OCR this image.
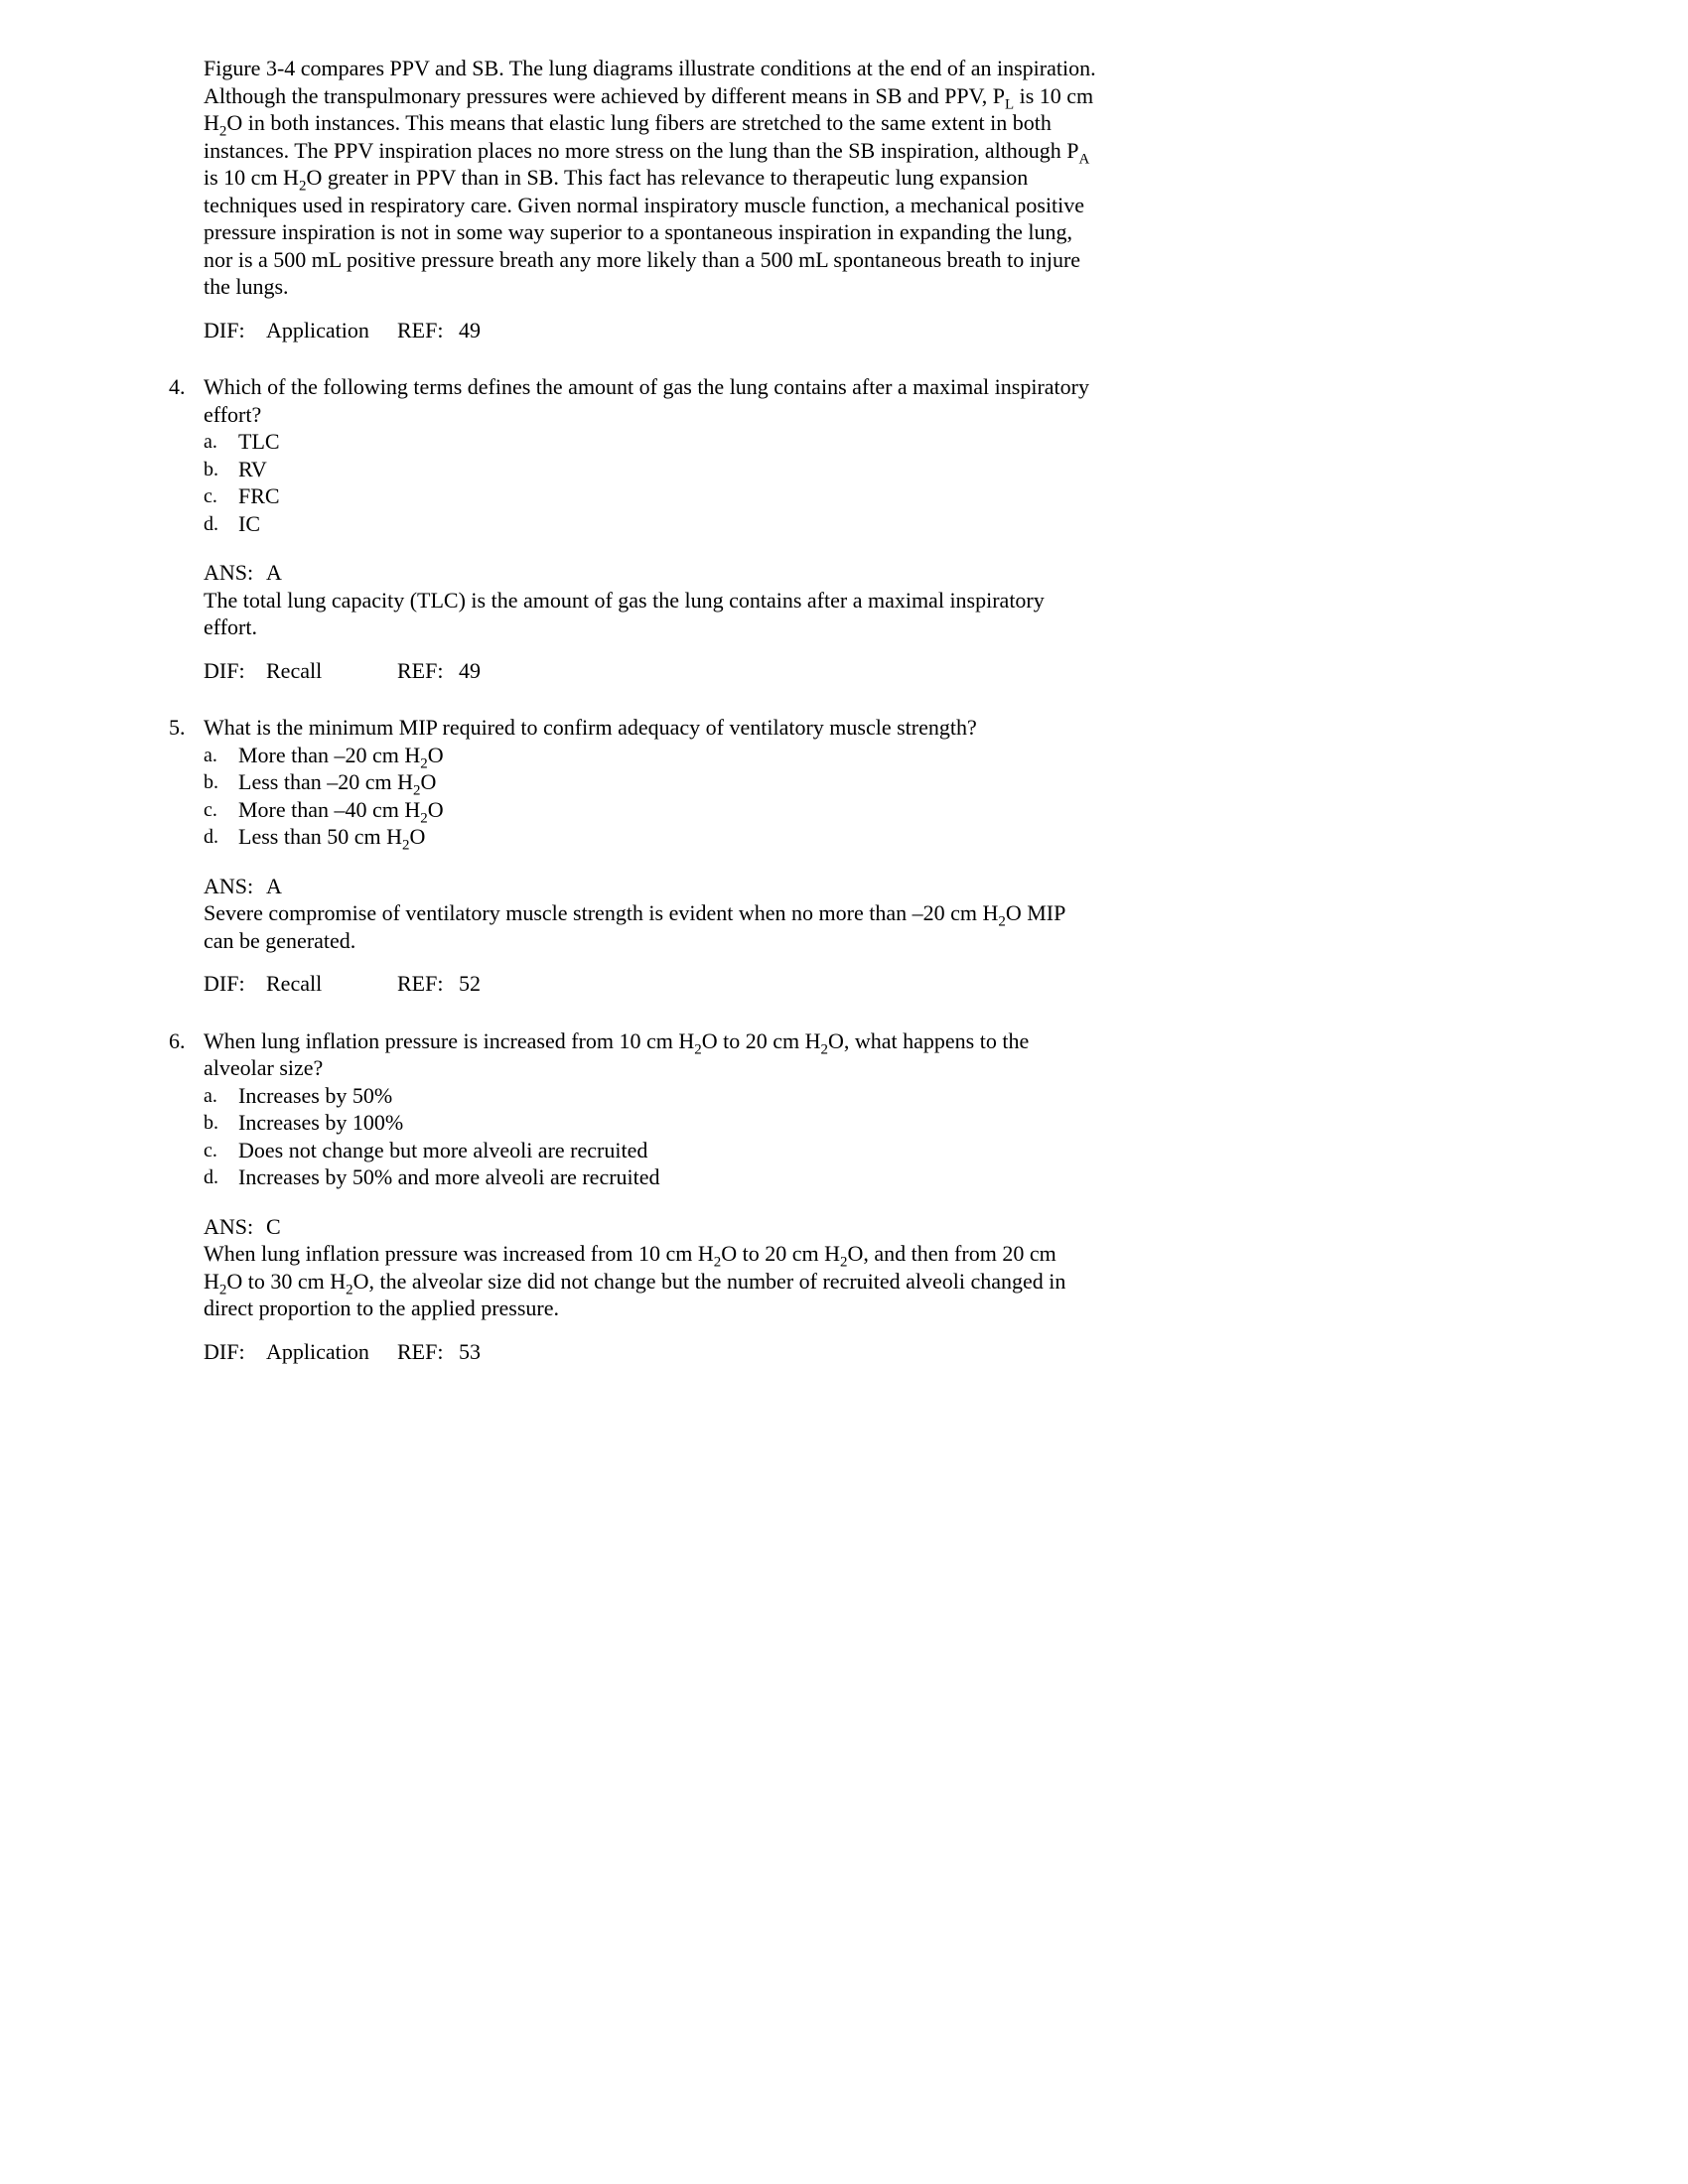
Figure 3-4 compares PPV and SB. The lung diagrams illustrate conditions at the end of an inspiration. Although the transpulmonary pressures were achieved by different means in SB and PPV, $P_L$ is 10 cm $H_2O$ in both instances. This means that elastic lung fibers are stretched to the same extent in both instances. The PPV inspiration places no more stress on the lung than the SB inspiration, although $P_A$ is 10 cm $H_2O$ greater in PPV than in SB. This fact has relevance to therapeutic lung expansion techniques used in respiratory care. Given normal inspiratory muscle function, a mechanical positive pressure inspiration is not in some way superior to a spontaneous inspiration in expanding the lung, nor is a 500 mL positive pressure breath any more likely than a 500 mL spontaneous breath to injure the lungs.

DIF: Application	REF: 49
4. Which of the following terms defines the amount of gas the lung contains after a maximal inspiratory effort?
a. TLC
b. RV
c. FRC
d. IC
ANS: A
The total lung capacity (TLC) is the amount of gas the lung contains after a maximal inspiratory effort.
DIF: Recall	REF: 49
5. What is the minimum MIP required to confirm adequacy of ventilatory muscle strength?
a. More than –20 cm $H_2O$
b. Less than –20 cm $H_2O$
c. More than –40 cm $H_2O$
d. Less than 50 cm $H_2O$
ANS: A
Severe compromise of ventilatory muscle strength is evident when no more than –20 cm $H_2O$ MIP can be generated.
DIF: Recall	REF: 52
6. When lung inflation pressure is increased from 10 cm $H_2O$ to 20 cm $H_2O$, what happens to the alveolar size?
a. Increases by 50%
b. Increases by 100%
c. Does not change but more alveoli are recruited
d. Increases by 50% and more alveoli are recruited
ANS: C
When lung inflation pressure was increased from 10 cm $H_2O$ to 20 cm $H_2O$, and then from 20 cm $H_2O$ to 30 cm $H_2O$, the alveolar size did not change but the number of recruited alveoli changed in direct proportion to the applied pressure.
DIF: Application	REF: 53
